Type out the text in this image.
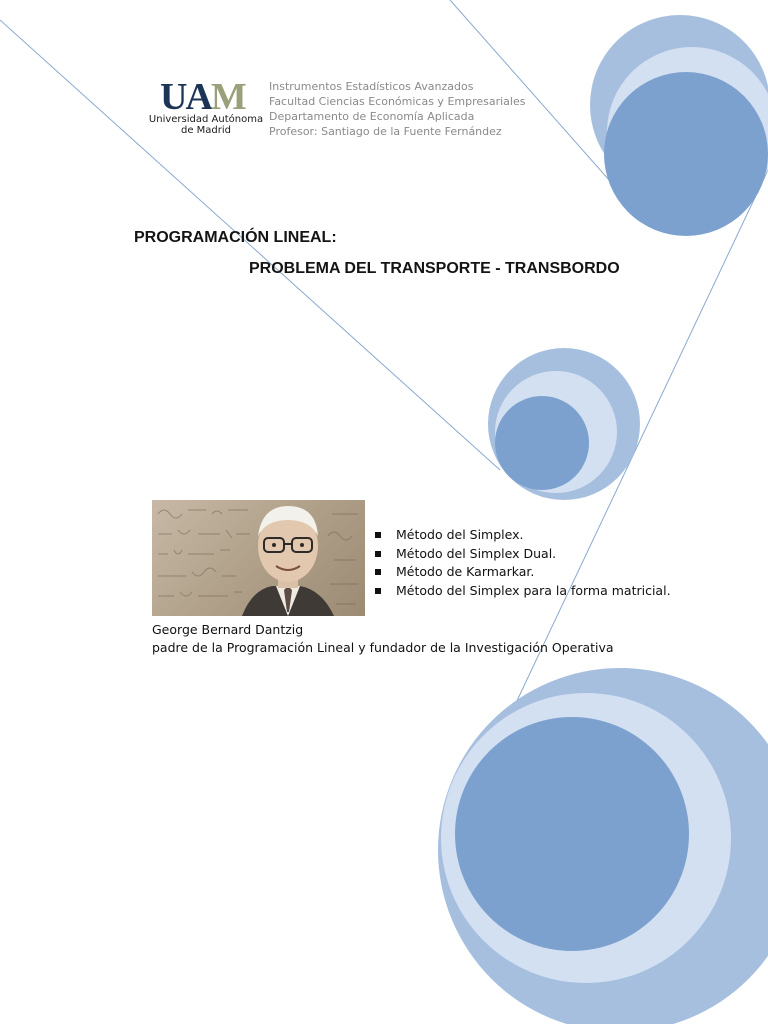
UAM
Universidad Autónoma
de Madrid
Instrumentos Estadísticos Avanzados
Facultad Ciencias Económicas y Empresariales
Departamento de Economía Aplicada
Profesor: Santiago de la Fuente Fernández
PROGRAMACIÓN LINEAL:
PROBLEMA DEL TRANSPORTE - TRANSBORDO
Método del Simplex.
Método del Simplex Dual.
Método de Karmarkar.
Método del Simplex para la forma matricial.
George Bernard Dantzig
padre de la Programación Lineal y fundador de la Investigación Operativa
